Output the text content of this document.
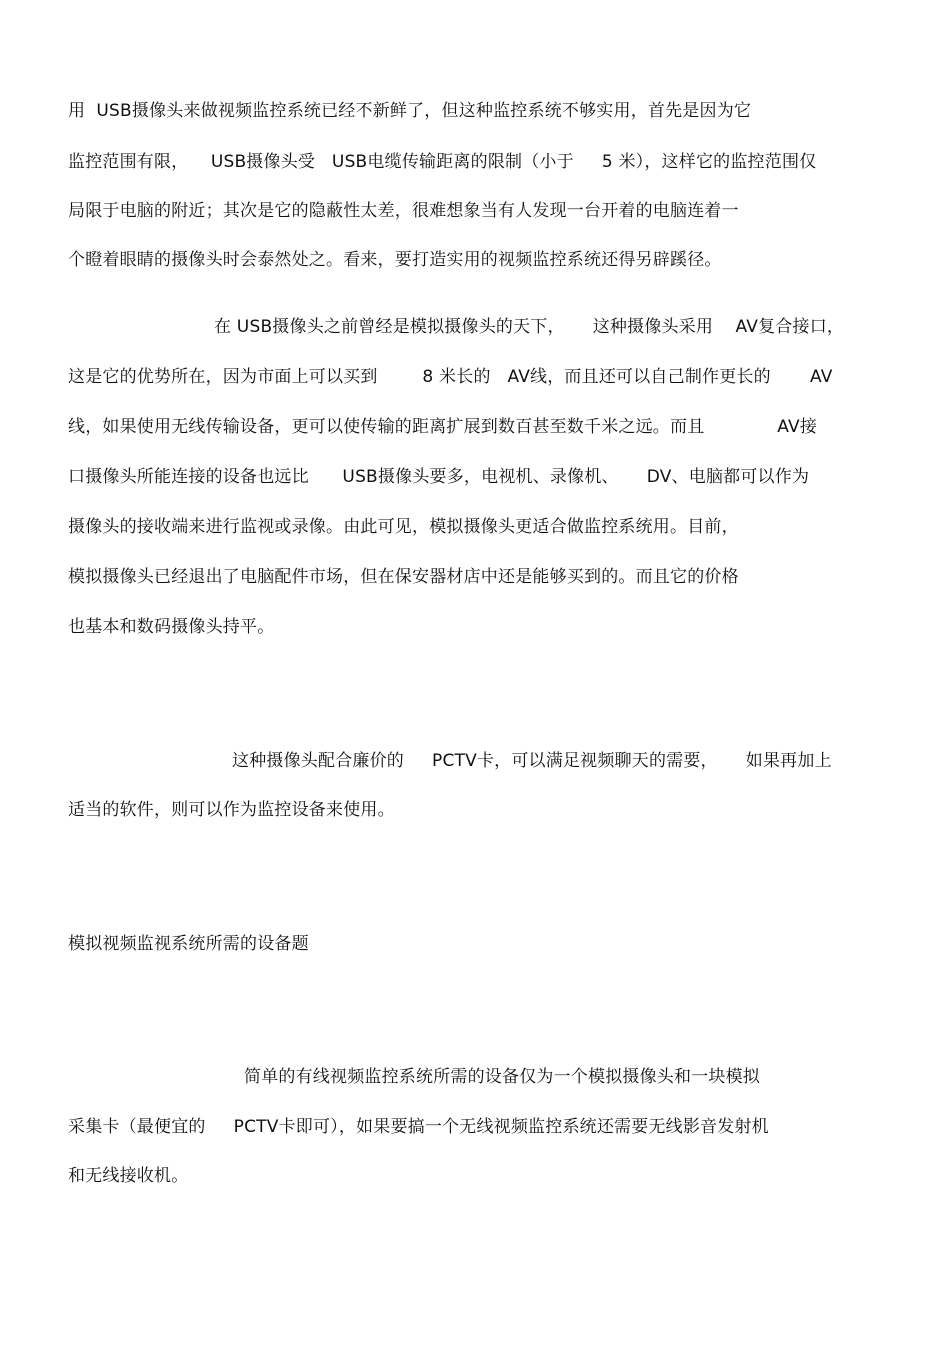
用  USB摄像头来做视频监控系统已经不新鲜了，但这种监控系统不够实用，首先是因为它
监控范围有限，    USB摄像头受   USB电缆传输距离的限制（小于     5 米），这样它的监控范围仅
局限于电脑的附近；其次是它的隐蔽性太差，很难想象当有人发现一台开着的电脑连着一
个瞪着眼睛的摄像头时会泰然处之。看来，要打造实用的视频监控系统还得另辟蹊径。
在 USB摄像头之前曾经是模拟摄像头的天下，     这种摄像头采用    AV复合接口，
这是它的优势所在，因为市面上可以买到        8 米长的   AV线，而且还可以自己制作更长的       AV
线，如果使用无线传输设备，更可以使传输的距离扩展到数百甚至数千米之远。而且             AV接
口摄像头所能连接的设备也远比      USB摄像头要多，电视机、录像机、     DV、电脑都可以作为
摄像头的接收端来进行监视或录像。由此可见，模拟摄像头更适合做监控系统用。目前，
模拟摄像头已经退出了电脑配件市场，但在保安器材店中还是能够买到的。而且它的价格
也基本和数码摄像头持平。
这种摄像头配合廉价的     PCTV卡，可以满足视频聊天的需要，     如果再加上
适当的软件，则可以作为监控设备来使用。
模拟视频监视系统所需的设备题
简单的有线视频监控系统所需的设备仅为一个模拟摄像头和一块模拟
采集卡（最便宜的     PCTV卡即可），如果要搞一个无线视频监控系统还需要无线影音发射机
和无线接收机。
